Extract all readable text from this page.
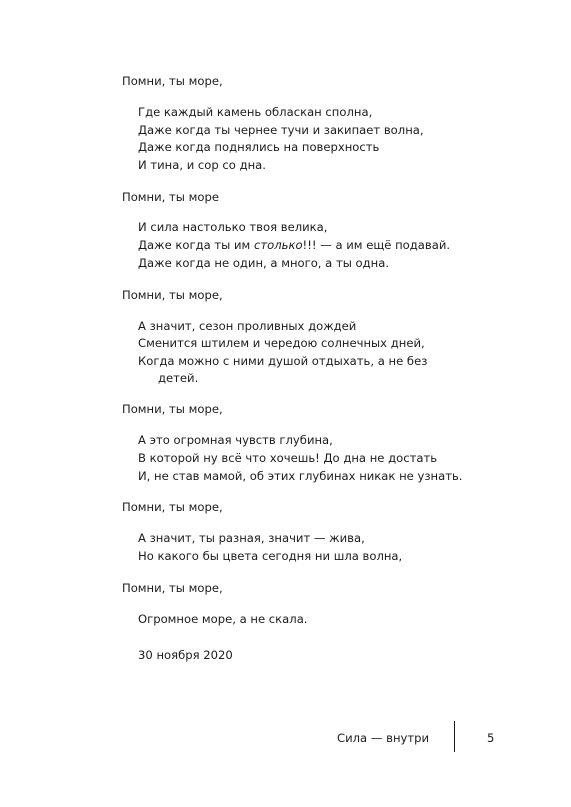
Помни, ты море,
Где каждый камень обласкан сполна,
Даже когда ты чернее тучи и закипает волна,
Даже когда поднялись на поверхность
И тина, и сор со дна.
Помни, ты море
И сила настолько твоя велика,
Даже когда ты им столько!!! — а им ещё подавай.
Даже когда не один, а много, а ты одна.
Помни, ты море,
А значит, сезон проливных дождей
Сменится штилем и чередою солнечных дней,
Когда можно с ними душой отдыхать, а не без
детей.
Помни, ты море,
А это огромная чувств глубина,
В которой ну всё что хочешь! До дна не достать
И, не став мамой, об этих глубинах никак не узнать.
Помни, ты море,
А значит, ты разная, значит — жива,
Но какого бы цвета сегодня ни шла волна,
Помни, ты море,
Огромное море, а не скала.
30 ноября 2020
Сила — внутри	5
